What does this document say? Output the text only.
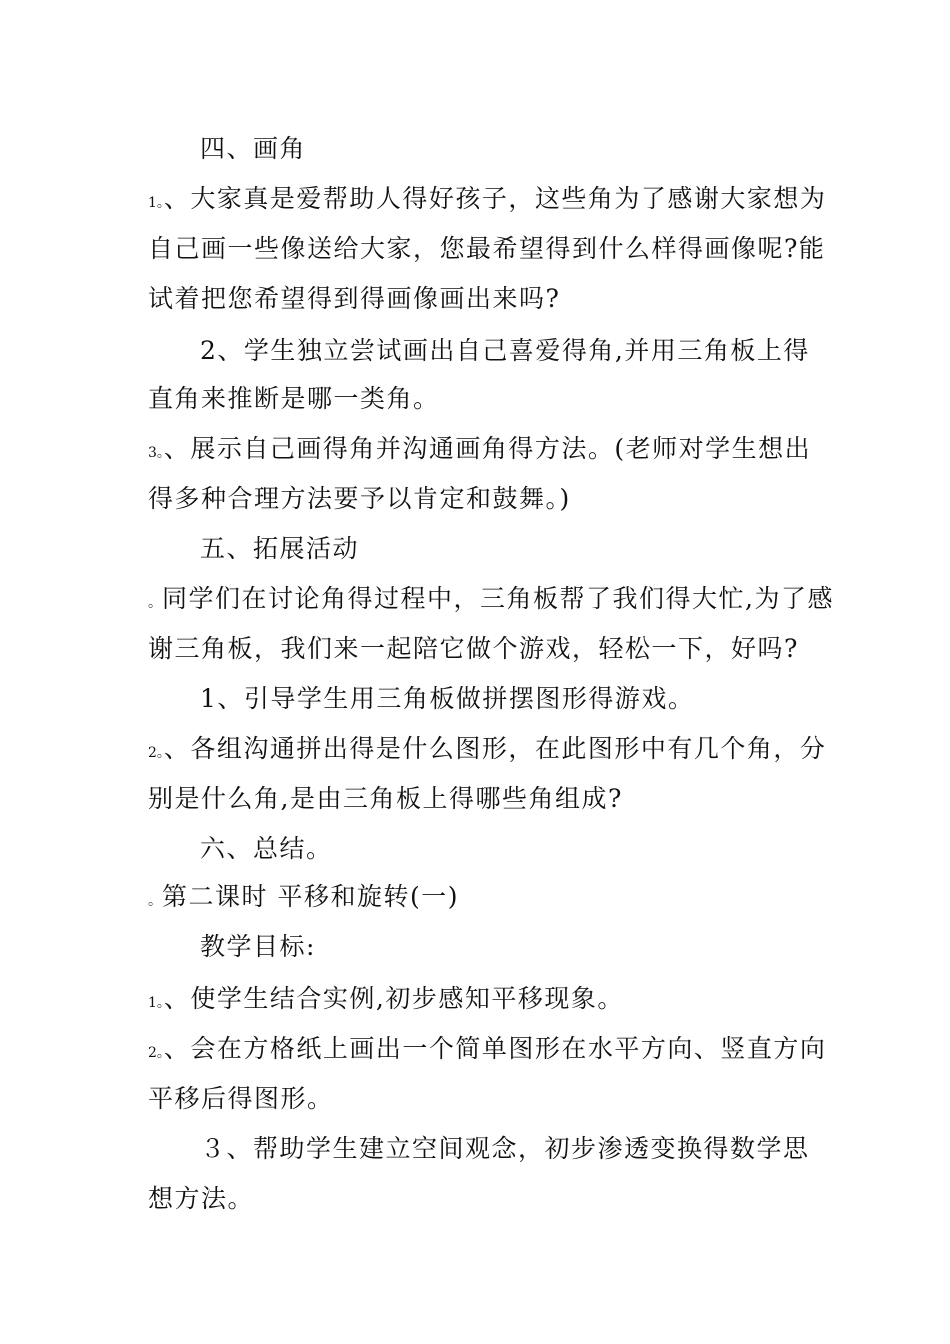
四、画角
1。、大家真是爱帮助人得好孩子，这些角为了感谢大家想为
自己画一些像送给大家，您最希望得到什么样得画像呢?能
试着把您希望得到得画像画出来吗?
2、学生独立尝试画出自己喜爱得角,并用三角板上得
直角来推断是哪一类角。
3。、展示自己画得角并沟通画角得方法。(老师对学生想出
得多种合理方法要予以肯定和鼓舞。)
五、拓展活动
。同学们在讨论角得过程中，三角板帮了我们得大忙,为了感
谢三角板，我们来一起陪它做个游戏，轻松一下，好吗?
1、引导学生用三角板做拼摆图形得游戏。
2。、各组沟通拼出得是什么图形，在此图形中有几个角，分
别是什么角,是由三角板上得哪些角组成?
六、总结。
。第二课时 平移和旋转(一)
教学目标:
1。、使学生结合实例,初步感知平移现象。
2。、会在方格纸上画出一个简单图形在水平方向、竖直方向
平移后得图形。
３、帮助学生建立空间观念，初步渗透变换得数学思
想方法。
